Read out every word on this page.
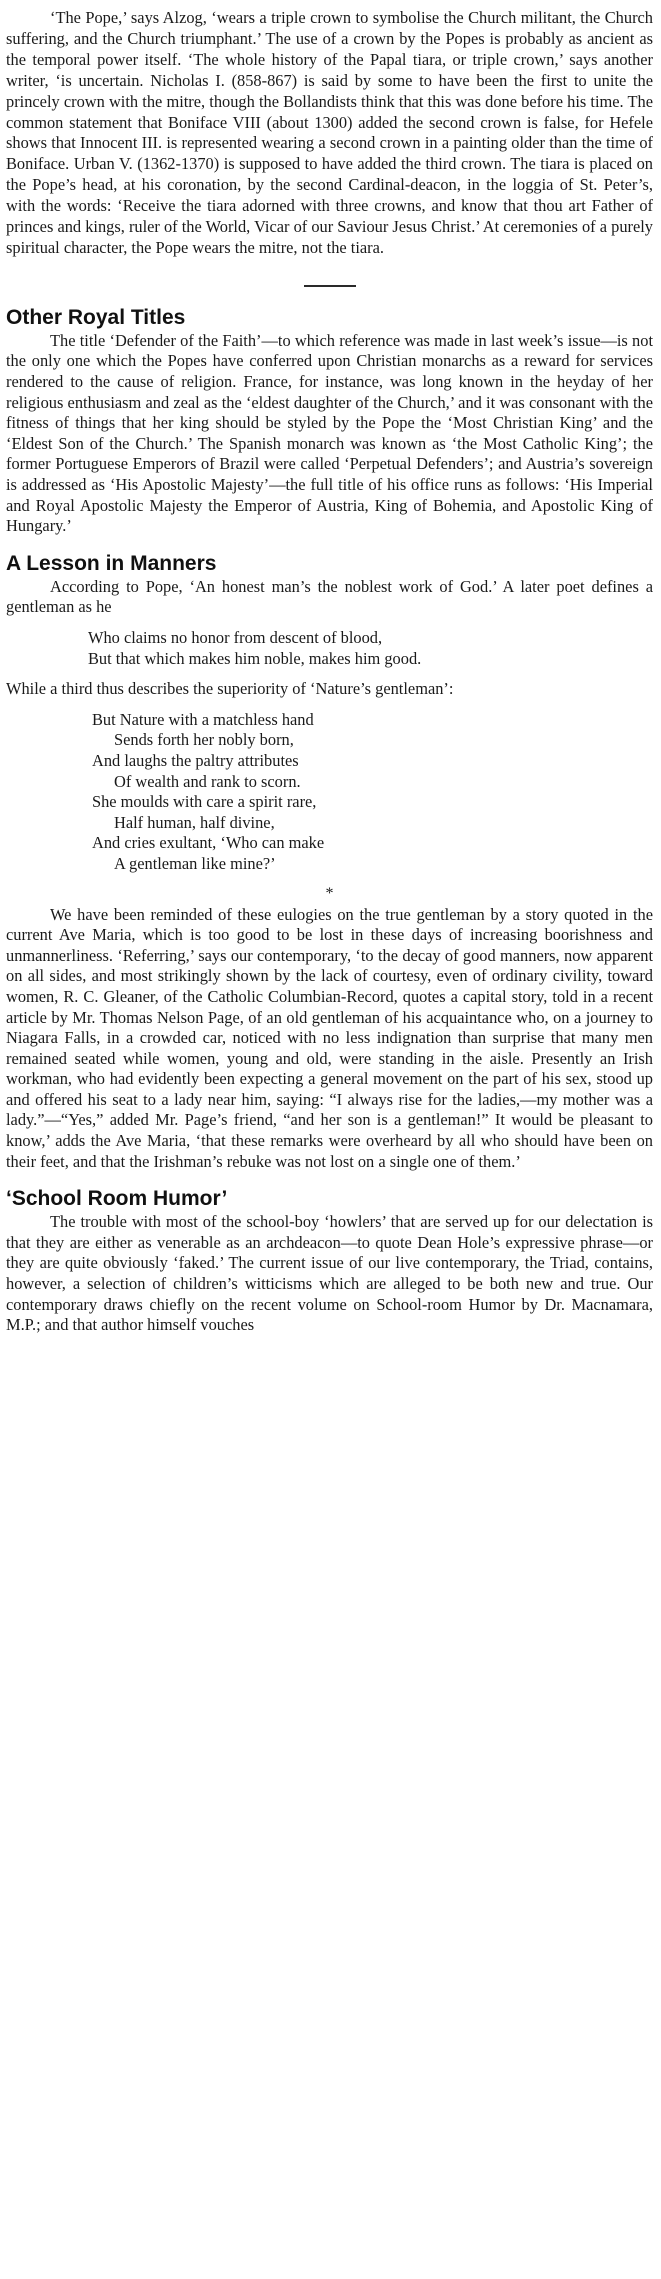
‘The Pope,’ says Alzog, ‘wears a triple crown to symbolise the Church militant, the Church suffering, and the Church triumphant.’ The use of a crown by the Popes is probably as ancient as the temporal power itself. ‘The whole history of the Papal tiara, or triple crown,’ says another writer, ‘is uncertain. Nicholas I. (858-867) is said by some to have been the first to unite the princely crown with the mitre, though the Bollandists think that this was done before his time. The common statement that Boniface VIII (about 1300) added the second crown is false, for Hefele shows that Innocent III. is represented wearing a second crown in a painting older than the time of Boniface. Urban V. (1362-1370) is supposed to have added the third crown. The tiara is placed on the Pope’s head, at his coronation, by the second Cardinal-deacon, in the loggia of St. Peter’s, with the words: ‘Receive the tiara adorned with three crowns, and know that thou art Father of princes and kings, ruler of the World, Vicar of our Saviour Jesus Christ.’ At ceremonies of a purely spiritual character, the Pope wears the mitre, not the tiara.

Other Royal Titles

The title ‘Defender of the Faith’—to which reference was made in last week’s issue—is not the only one which the Popes have conferred upon Christian monarchs as a reward for services rendered to the cause of religion. France, for instance, was long known in the heyday of her religious enthusiasm and zeal as the ‘eldest daughter of the Church,’ and it was consonant with the fitness of things that her king should be styled by the Pope the ‘Most Christian King’ and the ‘Eldest Son of the Church.’ The Spanish monarch was known as ‘the Most Catholic King’; the former Portuguese Emperors of Brazil were called ‘Perpetual Defenders’; and Austria’s sovereign is addressed as ‘His Apostolic Majesty’—the full title of his office runs as follows: ‘His Imperial and Royal Apostolic Majesty the Emperor of Austria, King of Bohemia, and Apostolic King of Hungary.’

A Lesson in Manners

According to Pope, ‘An honest man’s the noblest work of God.’ A later poet defines a gentleman as he

Who claims no honor from descent of blood,
But that which makes him noble, makes him good.

While a third thus describes the superiority of ‘Nature’s gentleman’:

But Nature with a matchless hand
Sends forth her nobly born,
And laughs the paltry attributes
Of wealth and rank to scorn.
She moulds with care a spirit rare,
Half human, half divine,
And cries exultant, ‘Who can make
A gentleman like mine?’
*

We have been reminded of these eulogies on the true gentleman by a story quoted in the current Ave Maria, which is too good to be lost in these days of increasing boorishness and unmannerliness. ‘Referring,’ says our contemporary, ‘to the decay of good manners, now apparent on all sides, and most strikingly shown by the lack of courtesy, even of ordinary civility, toward women, R. C. Gleaner, of the Catholic Columbian-Record, quotes a capital story, told in a recent article by Mr. Thomas Nelson Page, of an old gentleman of his acquaintance who, on a journey to Niagara Falls, in a crowded car, noticed with no less indignation than surprise that many men remained seated while women, young and old, were standing in the aisle. Presently an Irish workman, who had evidently been expecting a general movement on the part of his sex, stood up and offered his seat to a lady near him, saying: “I always rise for the ladies,—my mother was a lady.”—“Yes,” added Mr. Page’s friend, “and her son is a gentleman!” It would be pleasant to know,’ adds the Ave Maria, ‘that these remarks were overheard by all who should have been on their feet, and that the Irishman’s rebuke was not lost on a single one of them.’

‘School Room Humor’

The trouble with most of the school-boy ‘howlers’ that are served up for our delectation is that they are either as venerable as an archdeacon—to quote Dean Hole’s expressive phrase—or they are quite obviously ‘faked.’ The current issue of our live contemporary, the Triad, contains, however, a selection of children’s witticisms which are alleged to be both new and true. Our contemporary draws chiefly on the recent volume on School-room Humor by Dr. Macnamara, M.P.; and that author himself vouches
